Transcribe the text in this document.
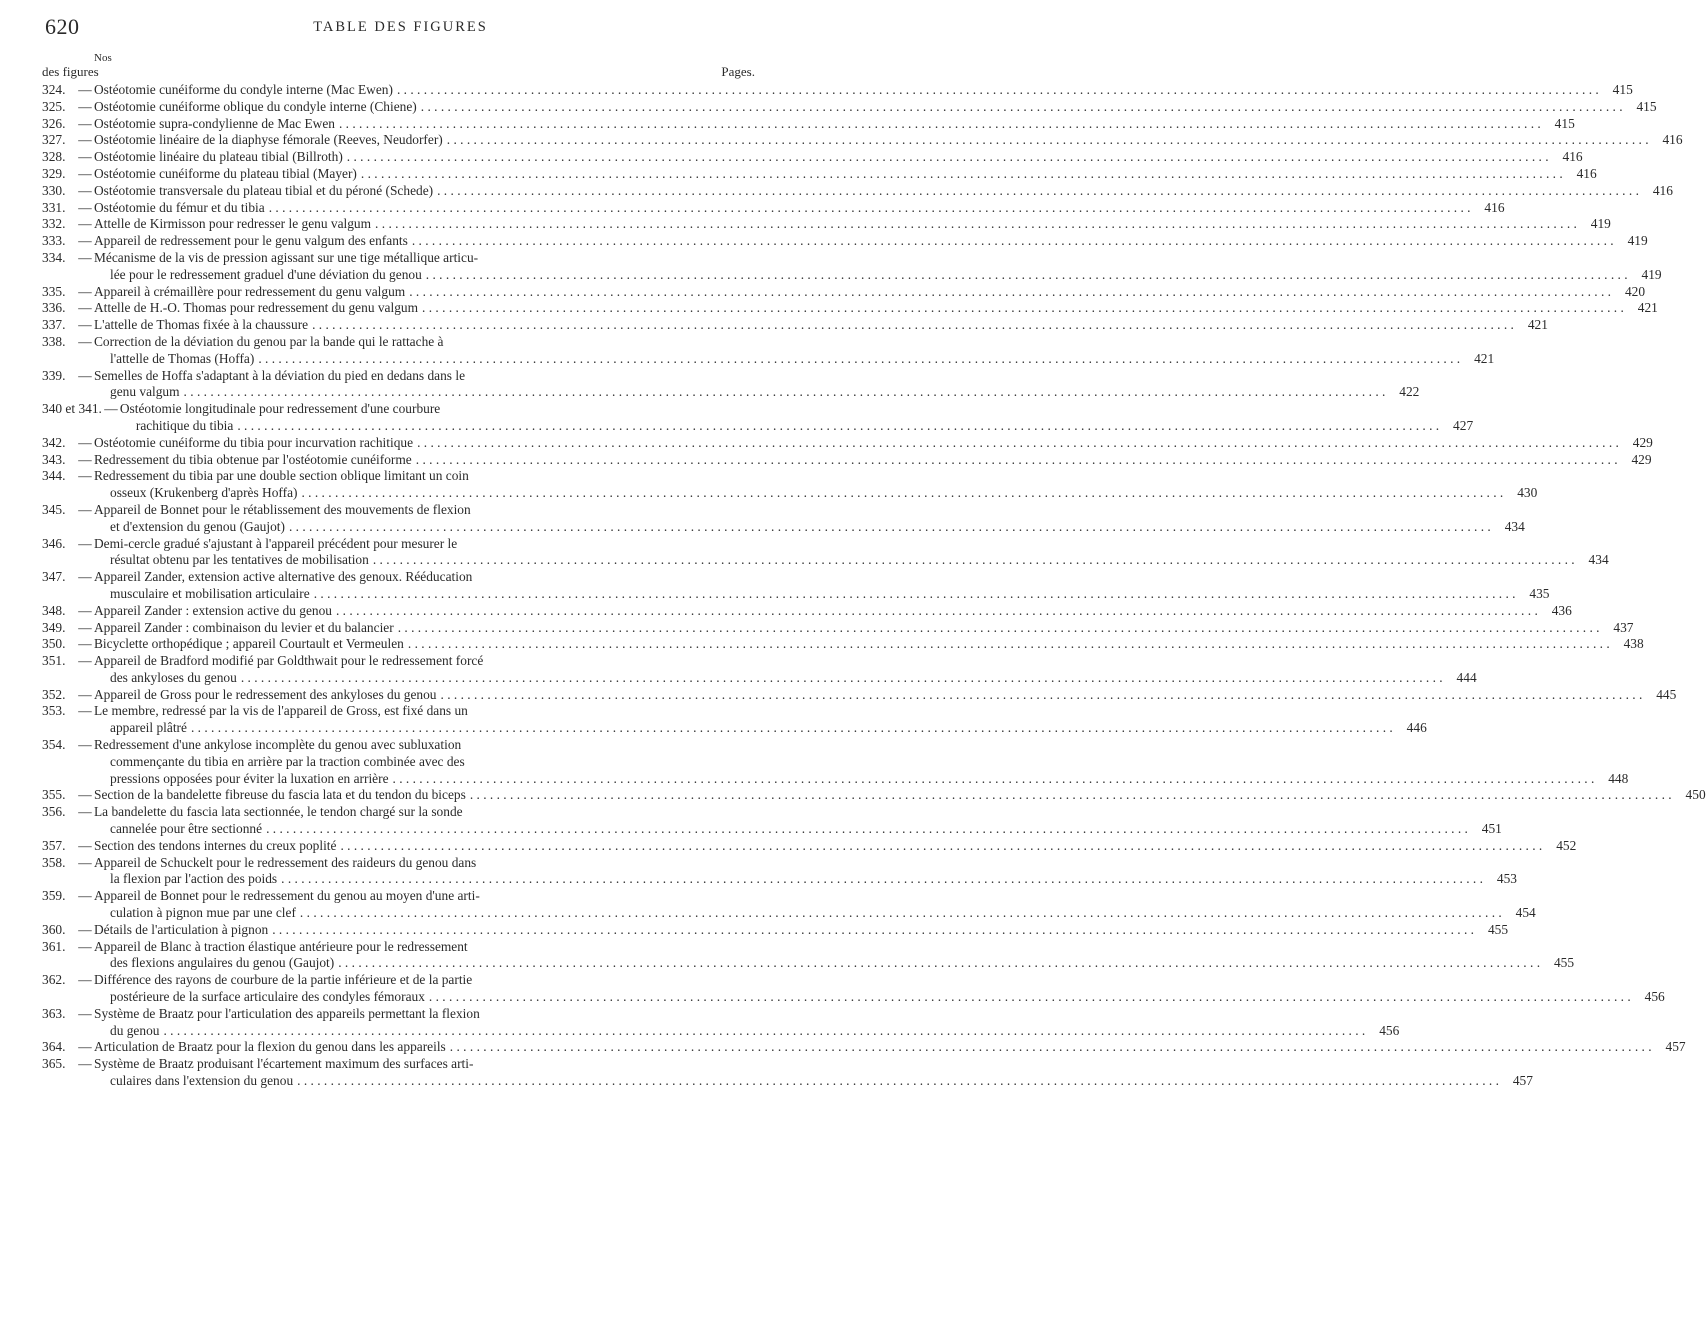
620	TABLE DES FIGURES
Nos
des figures	Pages.
324. — Ostéotomie cunéiforme du condyle interne (Mac Ewen) . . .	415
325. — Ostéotomie cunéiforme oblique du condyle interne (Chiene) . . .	415
326. — Ostéotomie supra-condylienne de Mac Ewen . . .	415
327. — Ostéotomie linéaire de la diaphyse fémorale (Reeves, Neudorfer) . . .	416
328. — Ostéotomie linéaire du plateau tibial (Billroth) . . .	416
329. — Ostéotomie cunéiforme du plateau tibial (Mayer) . . .	416
330. — Ostéotomie transversale du plateau tibial et du péroné (Schede) . . .	416
331. — Ostéotomie du fémur et du tibia . . .	416
332. — Attelle de Kirmisson pour redresser le genu valgum . . .	419
333. — Appareil de redressement pour le genu valgum des enfants . . .	419
334. — Mécanisme de la vis de pression agissant sur une tige métallique articu-
lée pour le redressement graduel d'une déviation du genou . . .	419
335. — Appareil à crémaillère pour redressement du genu valgum . . .	420
336. — Attelle de H.-O. Thomas pour redressement du genu valgum . . .	421
337. — L'attelle de Thomas fixée à la chaussure . . .	421
338. — Correction de la déviation du genou par la bande qui le rattache à
l'attelle de Thomas (Hoffa) . . .	421
339. — Semelles de Hoffa s'adaptant à la déviation du pied en dedans dans le
genu valgum . . .	422
340 et 341. — Ostéotomie longitudinale pour redressement d'une courbure
rachitique du tibia . . .	427
342. — Ostéotomie cunéiforme du tibia pour incurvation rachitique . . .	429
343. — Redressement du tibia obtenue par l'ostéotomie cunéiforme . . .	429
344. — Redressement du tibia par une double section oblique limitant un coin
osseux (Krukenberg d'après Hoffa) . . .	430
345. — Appareil de Bonnet pour le rétablissement des mouvements de flexion
et d'extension du genou (Gaujot) . . .	434
346. — Demi-cercle gradué s'ajustant à l'appareil précédent pour mesurer le
résultat obtenu par les tentatives de mobilisation . . .	434
347. — Appareil Zander, extension active alternative des genoux. Rééducation
musculaire et mobilisation articulaire . . .	435
348. — Appareil Zander : extension active du genou . . .	436
349. — Appareil Zander : combinaison du levier et du balancier . . .	437
350. — Bicyclette orthopédique ; appareil Courtault et Vermeulen . . .	438
351. — Appareil de Bradford modifié par Goldthwait pour le redressement forcé
des ankyloses du genou . . .	444
352. — Appareil de Gross pour le redressement des ankyloses du genou . . .	445
353. — Le membre, redressé par la vis de l'appareil de Gross, est fixé dans un
appareil plâtré . . .	446
354. — Redressement d'une ankylose incomplète du genou avec subluxation
commençante du tibia en arrière par la traction combinée avec des
pressions opposées pour éviter la luxation en arrière . . .	448
355. — Section de la bandelette fibreuse du fascia lata et du tendon du biceps . . .	450
356. — La bandelette du fascia lata sectionnée, le tendon chargé sur la sonde
cannelée pour être sectionné . . .	451
357. — Section des tendons internes du creux poplité . . .	452
358. — Appareil de Schuckelt pour le redressement des raideurs du genou dans
la flexion par l'action des poids . . .	453
359. — Appareil de Bonnet pour le redressement du genou au moyen d'une arti-
culation à pignon mue par une clef . . .	454
360. — Détails de l'articulation à pignon . . .	455
361. — Appareil de Blanc à traction élastique antérieure pour le redressement
des flexions angulaires du genou (Gaujot) . . .	455
362. — Différence des rayons de courbure de la partie inférieure et de la partie
postérieure de la surface articulaire des condyles fémoraux . . .	456
363. — Système de Braatz pour l'articulation des appareils permettant la flexion
du genou . . .	456
364. — Articulation de Braatz pour la flexion du genou dans les appareils . . .	457
365. — Système de Braatz produisant l'écartement maximum des surfaces arti-
culaires dans l'extension du genou . . .	457
